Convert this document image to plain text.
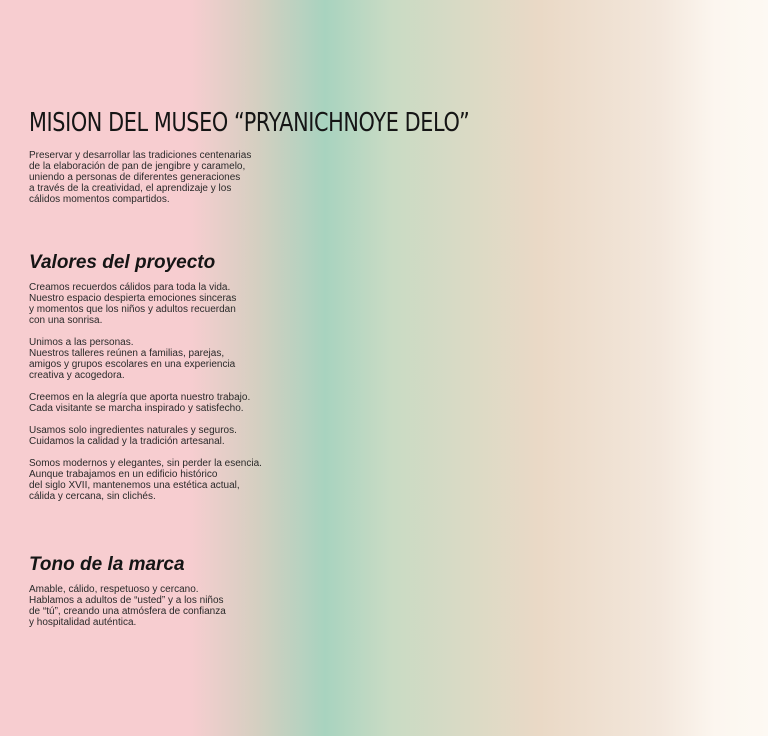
MISION DEL MUSEO “PRYANICHNOYE DELO”
Preservar y desarrollar las tradiciones centenarias
de la elaboración de pan de jengibre y caramelo,
uniendo a personas de diferentes generaciones
a través de la creatividad, el aprendizaje y los
cálidos momentos compartidos.
Valores del proyecto
Creamos recuerdos cálidos para toda la vida.
Nuestro espacio despierta emociones sinceras
y momentos que los niños y adultos recuerdan
con una sonrisa.
Unimos a las personas.
Nuestros talleres reúnen a familias, parejas,
amigos y grupos escolares en una experiencia
creativa y acogedora.
Creemos en la alegría que aporta nuestro trabajo.
Cada visitante se marcha inspirado y satisfecho.
Usamos solo ingredientes naturales y seguros.
Cuidamos la calidad y la tradición artesanal.
Somos modernos y elegantes, sin perder la esencia.
Aunque trabajamos en un edificio histórico
del siglo XVII, mantenemos una estética actual,
cálida y cercana, sin clichés.
Tono de la marca
Amable, cálido, respetuoso y cercano.
Hablamos a adultos de “usted” y a los niños
de “tú”, creando una atmósfera de confianza
y hospitalidad auténtica.
